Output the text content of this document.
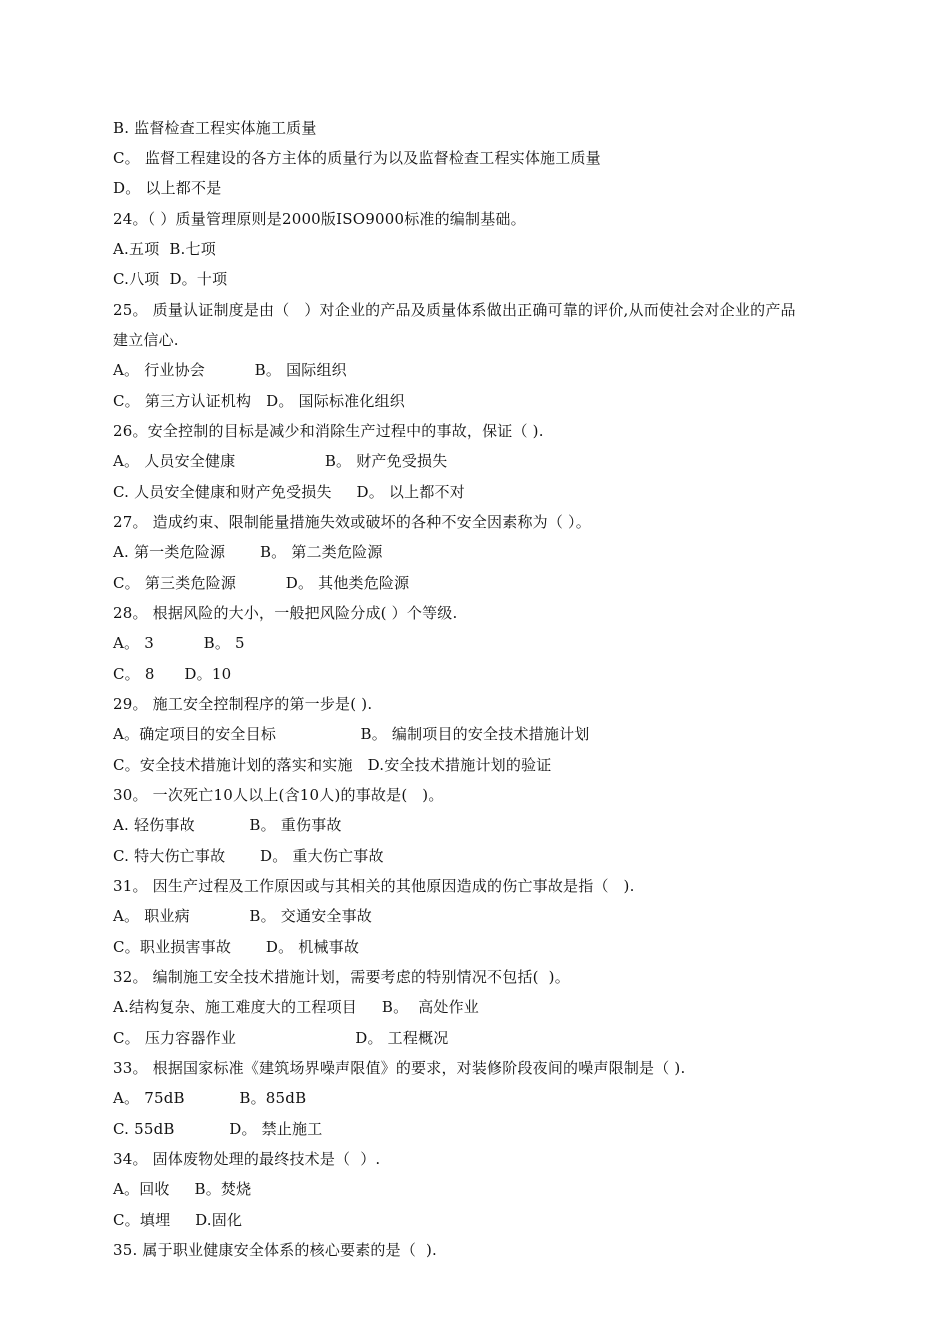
B. 监督检查工程实体施工质量
C。 监督工程建设的各方主体的质量行为以及监督检查工程实体施工质量
D。 以上都不是
24。（ ）质量管理原则是2000版ISO9000标准的编制基础。
A.五项  B.七项
C.八项  D。十项
25。 质量认证制度是由（   ）对企业的产品及质量体系做出正确可靠的评价,从而使社会对企业的产品
建立信心.
A。 行业协会          B。 国际组织
C。 第三方认证机构   D。 国际标准化组织
26。安全控制的目标是减少和消除生产过程中的事故，保证（ ).
A。 人员安全健康                  B。 财产免受损失
C. 人员安全健康和财产免受损失     D。 以上都不对
27。 造成约束、限制能量措施失效或破坏的各种不安全因素称为（ ）。
A. 第一类危险源       B。 第二类危险源
C。 第三类危险源          D。 其他类危险源
28。 根据风险的大小，一般把风险分成( ）个等级.
A。 3          B。 5
C。 8      D。10
29。 施工安全控制程序的第一步是( ).
A。确定项目的安全目标                 B。 编制项目的安全技术措施计划
C。安全技术措施计划的落实和实施   D.安全技术措施计划的验证
30。 一次死亡10人以上(含10人)的事故是(   )。
A. 轻伤事故           B。 重伤事故
C. 特大伤亡事故       D。 重大伤亡事故
31。 因生产过程及工作原因或与其相关的其他原因造成的伤亡事故是指（   ).
A。 职业病            B。 交通安全事故
C。职业损害事故       D。 机械事故
32。 编制施工安全技术措施计划，需要考虑的特别情况不包括(  )。
A.结构复杂、施工难度大的工程项目     B。  高处作业
C。 压力容器作业                        D。 工程概况
33。 根据国家标准《建筑场界噪声限值》的要求，对装修阶段夜间的噪声限制是（ ).
A。 75dB           B。85dB
C. 55dB           D。 禁止施工
34。 固体废物处理的最终技术是（  ）.
A。回收     B。焚烧
C。填埋     D.固化
35. 属于职业健康安全体系的核心要素的是（  ).
